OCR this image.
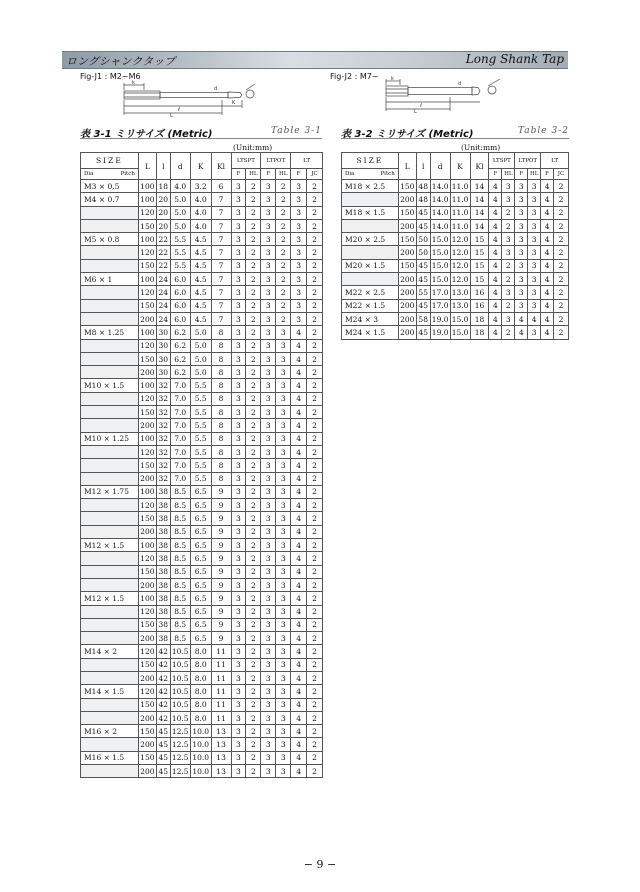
ロングシャンクタップ	Long Shank Tap
Fig-J1 : M2~M6	Fig-J2 : M7~
k
ℓ
L
d
K
k
ℓ
L
d
表 3-1 ミリサイズ (Metric)	Table 3-1 表 3-2 ミリサイズ (Metric)	Table 3-2
(Unit:mm)	(Unit:mm)
SIZE	L	l	d	K	Kl	LTSPT		LTPOT		LT	
Dia Pitch						F	HL	F	HL	F	JC
M3 × 0.5	100	18	4.0	3.2	6	3	2	3	2	3	2
M4 × 0.7	100	20	5.0	4.0	7	3	2	3	2	3	2
	120	20	5.0	4.0	7	3	2	3	2	3	2
	150	20	5.0	4.0	7	3	2	3	2	3	2
M5 × 0.8	100	22	5.5	4.5	7	3	2	3	2	3	2
	120	22	5.5	4.5	7	3	2	3	2	3	2
	150	22	5.5	4.5	7	3	2	3	2	3	2
M6 × 1	100	24	6.0	4.5	7	3	2	3	2	3	2
	120	24	6.0	4.5	7	3	2	3	2	3	2
	150	24	6.0	4.5	7	3	2	3	2	3	2
	200	24	6.0	4.5	7	3	2	3	2	3	2
M8 × 1.25	100	30	6.2	5.0	8	3	2	3	3	4	2
	120	30	6.2	5.0	8	3	2	3	3	4	2
	150	30	6.2	5.0	8	3	2	3	3	4	2
	200	30	6.2	5.0	8	3	2	3	3	4	2
M10 × 1.5	100	32	7.0	5.5	8	3	2	3	3	4	2
	120	32	7.0	5.5	8	3	2	3	3	4	2
	150	32	7.0	5.5	8	3	2	3	3	4	2
	200	32	7.0	5.5	8	3	2	3	3	4	2
M10 × 1.25	100	32	7.0	5.5	8	3	2	3	3	4	2
	120	32	7.0	5.5	8	3	2	3	3	4	2
	150	32	7.0	5.5	8	3	2	3	3	4	2
	200	32	7.0	5.5	8	3	2	3	3	4	2
M12 × 1.75	100	38	8.5	6.5	9	3	2	3	3	4	2
	120	38	8.5	6.5	9	3	2	3	3	4	2
	150	38	8.5	6.5	9	3	2	3	3	4	2
	200	38	8.5	6.5	9	3	2	3	3	4	2
M12 × 1.5	100	38	8.5	6.5	9	3	2	3	3	4	2
	120	38	8.5	6.5	9	3	2	3	3	4	2
	150	38	8.5	6.5	9	3	2	3	3	4	2
	200	38	8.5	6.5	9	3	2	3	3	4	2
M12 × 1.5	100	38	8.5	6.5	9	3	2	3	3	4	2
	120	38	8.5	6.5	9	3	2	3	3	4	2
	150	38	8.5	6.5	9	3	2	3	3	4	2
	200	38	8.5	6.5	9	3	2	3	3	4	2
M14 × 2	120	42	10.5	8.0	11	3	2	3	3	4	2
	150	42	10.5	8.0	11	3	2	3	3	4	2
	200	42	10.5	8.0	11	3	2	3	3	4	2
M14 × 1.5	120	42	10.5	8.0	11	3	2	3	3	4	2
	150	42	10.5	8.0	11	3	2	3	3	4	2
	200	42	10.5	8.0	11	3	2	3	3	4	2
M16 × 2	150	45	12.5	10.0	13	3	2	3	3	4	2
	200	45	12.5	10.0	13	3	2	3	3	4	2
M16 × 1.5	150	45	12.5	10.0	13	3	2	3	3	4	2
	200	45	12.5	10.0	13	3	2	3	3	4	2
SIZE	L	l	d	K	Kl	LTSPT		LTPOT		LT	
Dia Pitch						F	HL	F	HL	F	JC
M18 × 2.5	150	48	14.0	11.0	14	4	3	3	3	4	2
	200	48	14.0	11.0	14	4	3	3	3	4	2
M18 × 1.5	150	45	14.0	11.0	14	4	2	3	3	4	2
	200	45	14.0	11.0	14	4	2	3	3	4	2
M20 × 2.5	150	50	15.0	12.0	15	4	3	3	3	4	2
	200	50	15.0	12.0	15	4	3	3	3	4	2
M20 × 1.5	150	45	15.0	12.0	15	4	2	3	3	4	2
	200	45	15.0	12.0	15	4	2	3	3	4	2
M22 × 2.5	200	55	17.0	13.0	16	4	3	3	3	4	2
M22 × 1.5	200	45	17.0	13.0	16	4	2	3	3	4	2
M24 × 3	200	58	19.0	15.0	18	4	3	4	4	4	2
M24 × 1.5	200	45	19.0	15.0	18	4	2	4	3	4	2
− 9 −
